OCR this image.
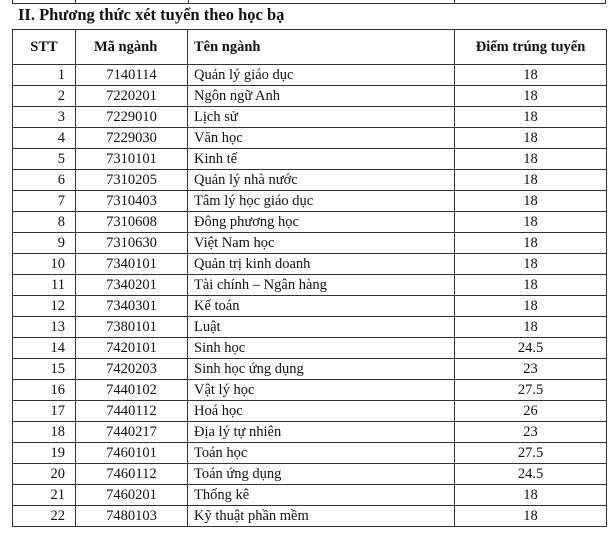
II. Phương thức xét tuyển theo học bạ
STT	Mã ngành	Tên ngành	Điểm trúng tuyển
1	7140114	Quản lý giáo dục	18
2	7220201	Ngôn ngữ Anh	18
3	7229010	Lịch sử	18
4	7229030	Văn học	18
5	7310101	Kinh tế	18
6	7310205	Quản lý nhà nước	18
7	7310403	Tâm lý học giáo dục	18
8	7310608	Đông phương học	18
9	7310630	Việt Nam học	18
10	7340101	Quản trị kinh doanh	18
11	7340201	Tài chính – Ngân hàng	18
12	7340301	Kế toán	18
13	7380101	Luật	18
14	7420101	Sinh học	24.5
15	7420203	Sinh học ứng dụng	23
16	7440102	Vật lý học	27.5
17	7440112	Hoá học	26
18	7440217	Địa lý tự nhiên	23
19	7460101	Toán học	27.5
20	7460112	Toán ứng dụng	24.5
21	7460201	Thống kê	18
22	7480103	Kỹ thuật phần mềm	18
